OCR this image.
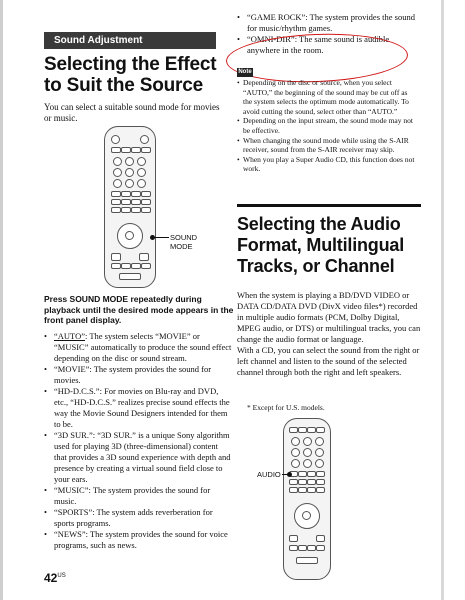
Sound Adjustment
Selecting the Effect to Suit the Source
You can select a suitable sound mode for movies or music.
SOUND MODE
Press SOUND MODE repeatedly during playback until the desired mode appears in the front panel display.
• “AUTO”: The system selects “MOVIE” or “MUSIC” automatically to produce the sound effect depending on the disc or sound stream.
• “MOVIE”: The system provides the sound for movies.
• “HD-D.C.S.”: For movies on Blu-ray and DVD, etc., “HD-D.C.S.” realizes precise sound effects the way the Movie Sound Designers intended for them to be.
• “3D SUR.”: “3D SUR.” is a unique Sony algorithm used for playing 3D (three-dimensional) content that provides a 3D sound experience with depth and presence by creating a virtual sound field close to your ears.
• “MUSIC”: The system provides the sound for music.
• “SPORTS”: The system adds reverberation for sports programs.
• “NEWS”: The system provides the sound for voice programs, such as news.
• “GAME ROCK”: The system provides the sound for music/rhythm games.
• “OMNI-DIR”: The same sound is audible anywhere in the room.
Note
• Depending on the disc or source, when you select “AUTO,” the beginning of the sound may be cut off as the system selects the optimum mode automatically. To avoid cutting the sound, select other than “AUTO.”
• Depending on the input stream, the sound mode may not be effective.
• When changing the sound mode while using the S-AIR receiver, sound from the S-AIR receiver may skip.
• When you play a Super Audio CD, this function does not work.
Selecting the Audio Format, Multilingual Tracks, or Channel
When the system is playing a BD/DVD VIDEO or DATA CD/DATA DVD (DivX video files*) recorded in multiple audio formats (PCM, Dolby Digital, MPEG audio, or DTS) or multilingual tracks, you can change the audio format or language.
With a CD, you can select the sound from the right or left channel and listen to the sound of the selected channel through both the right and left speakers.
* Except for U.S. models.
AUDIO
$42^{US}$
